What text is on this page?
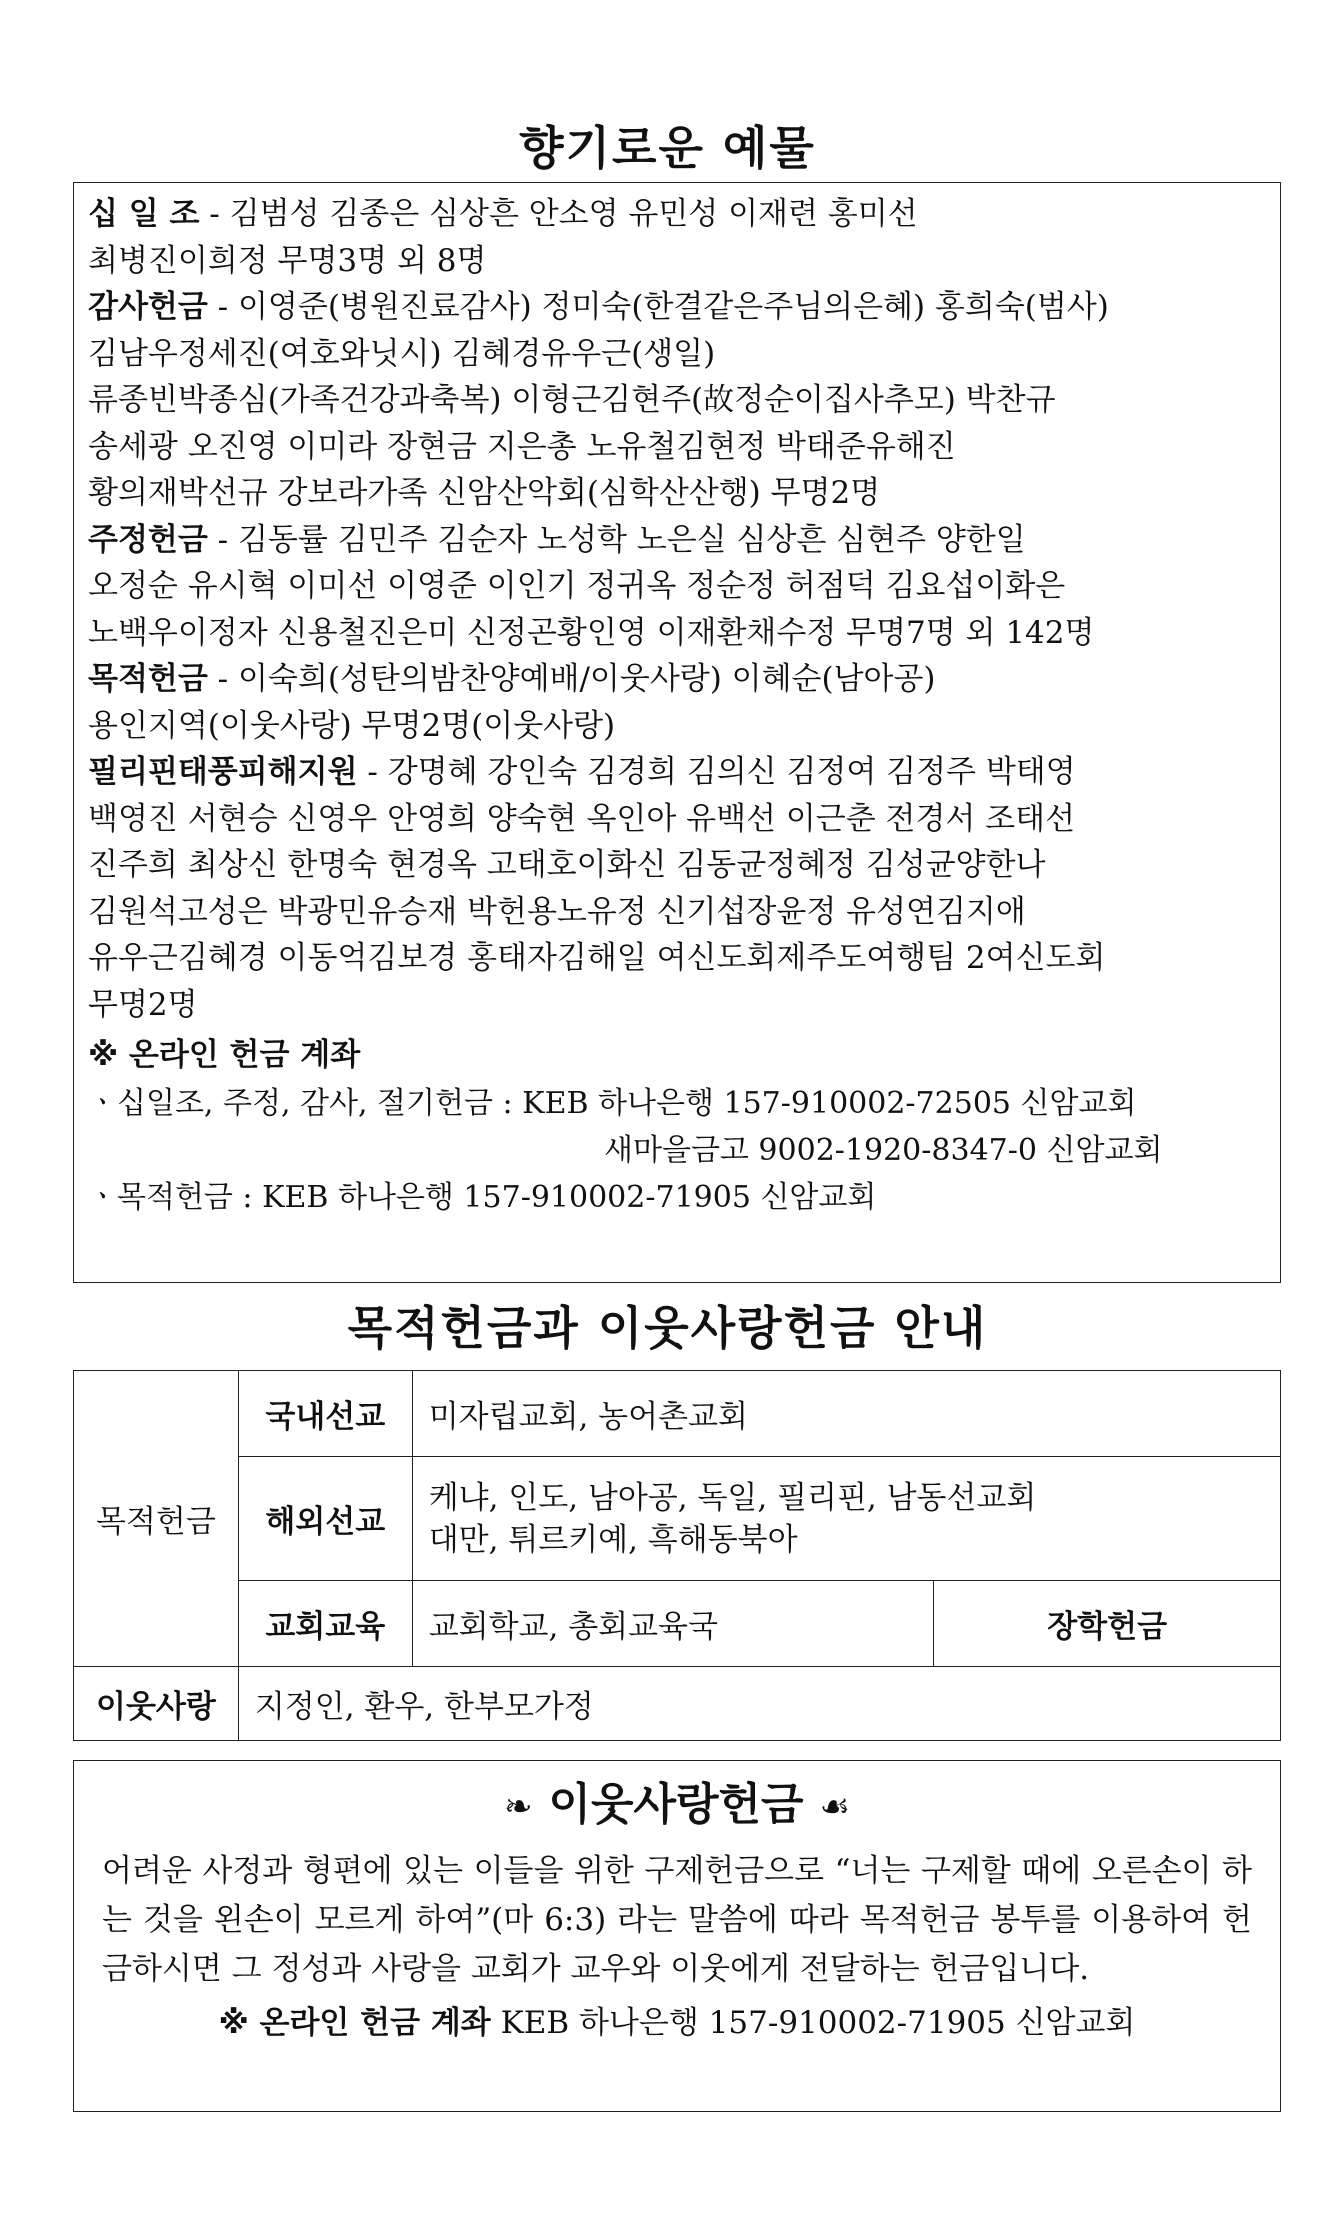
향기로운 예물
십 일 조 - 김범성 김종은 심상흔 안소영 유민성 이재련 홍미선
최병진이희정 무명3명 외 8명
감사헌금 - 이영준(병원진료감사) 정미숙(한결같은주님의은혜) 홍희숙(범사)
김남우정세진(여호와닛시) 김혜경유우근(생일)
류종빈박종심(가족건강과축복) 이형근김현주(故정순이집사추모) 박찬규
송세광 오진영 이미라 장현금 지은총 노유철김현정 박태준유해진
황의재박선규 강보라가족 신암산악회(심학산산행) 무명2명
주정헌금 - 김동률 김민주 김순자 노성학 노은실 심상흔 심현주 양한일
오정순 유시혁 이미선 이영준 이인기 정귀옥 정순정 허점덕 김요섭이화은
노백우이정자 신용철진은미 신정곤황인영 이재환채수정 무명7명 외 142명
목적헌금 - 이숙희(성탄의밤찬양예배/이웃사랑) 이혜순(남아공)
용인지역(이웃사랑) 무명2명(이웃사랑)
필리핀태풍피해지원 - 강명혜 강인숙 김경희 김의신 김정여 김정주 박태영
백영진 서현승 신영우 안영희 양숙현 옥인아 유백선 이근춘 전경서 조태선
진주희 최상신 한명숙 현경옥 고태호이화신 김동균정혜정 김성균양한나
김원석고성은 박광민유승재 박헌용노유정 신기섭장윤정 유성연김지애
유우근김혜경 이동억김보경 홍태자김해일 여신도회제주도여행팀 2여신도회
무명2명
※ 온라인 헌금 계좌
ㆍ십일조, 주정, 감사, 절기헌금 : KEB 하나은행 157-910002-72505 신암교회
새마을금고 9002-1920-8347-0 신암교회
ㆍ목적헌금 : KEB 하나은행 157-910002-71905 신암교회
목적헌금과 이웃사랑헌금 안내
목적헌금	국내선교	미자립교회, 농어촌교회	
	해외선교	케냐, 인도, 남아공, 독일, 필리핀, 남동선교회
대만, 튀르키예, 흑해동북아	
	교회교육	교회학교, 총회교육국	장학헌금
이웃사랑	지정인, 환우, 한부모가정		
❧ 이웃사랑헌금 ☙

어려운 사정과 형편에 있는 이들을 위한 구제헌금으로 “너는 구제할 때에 오른손이 하는 것을 왼손이 모르게 하여”(마 6:3) 라는 말씀에 따라 목적헌금 봉투를 이용하여 헌금하시면 그 정성과 사랑을 교회가 교우와 이웃에게 전달하는 헌금입니다.

※ 온라인 헌금 계좌 KEB 하나은행 157-910002-71905 신암교회
